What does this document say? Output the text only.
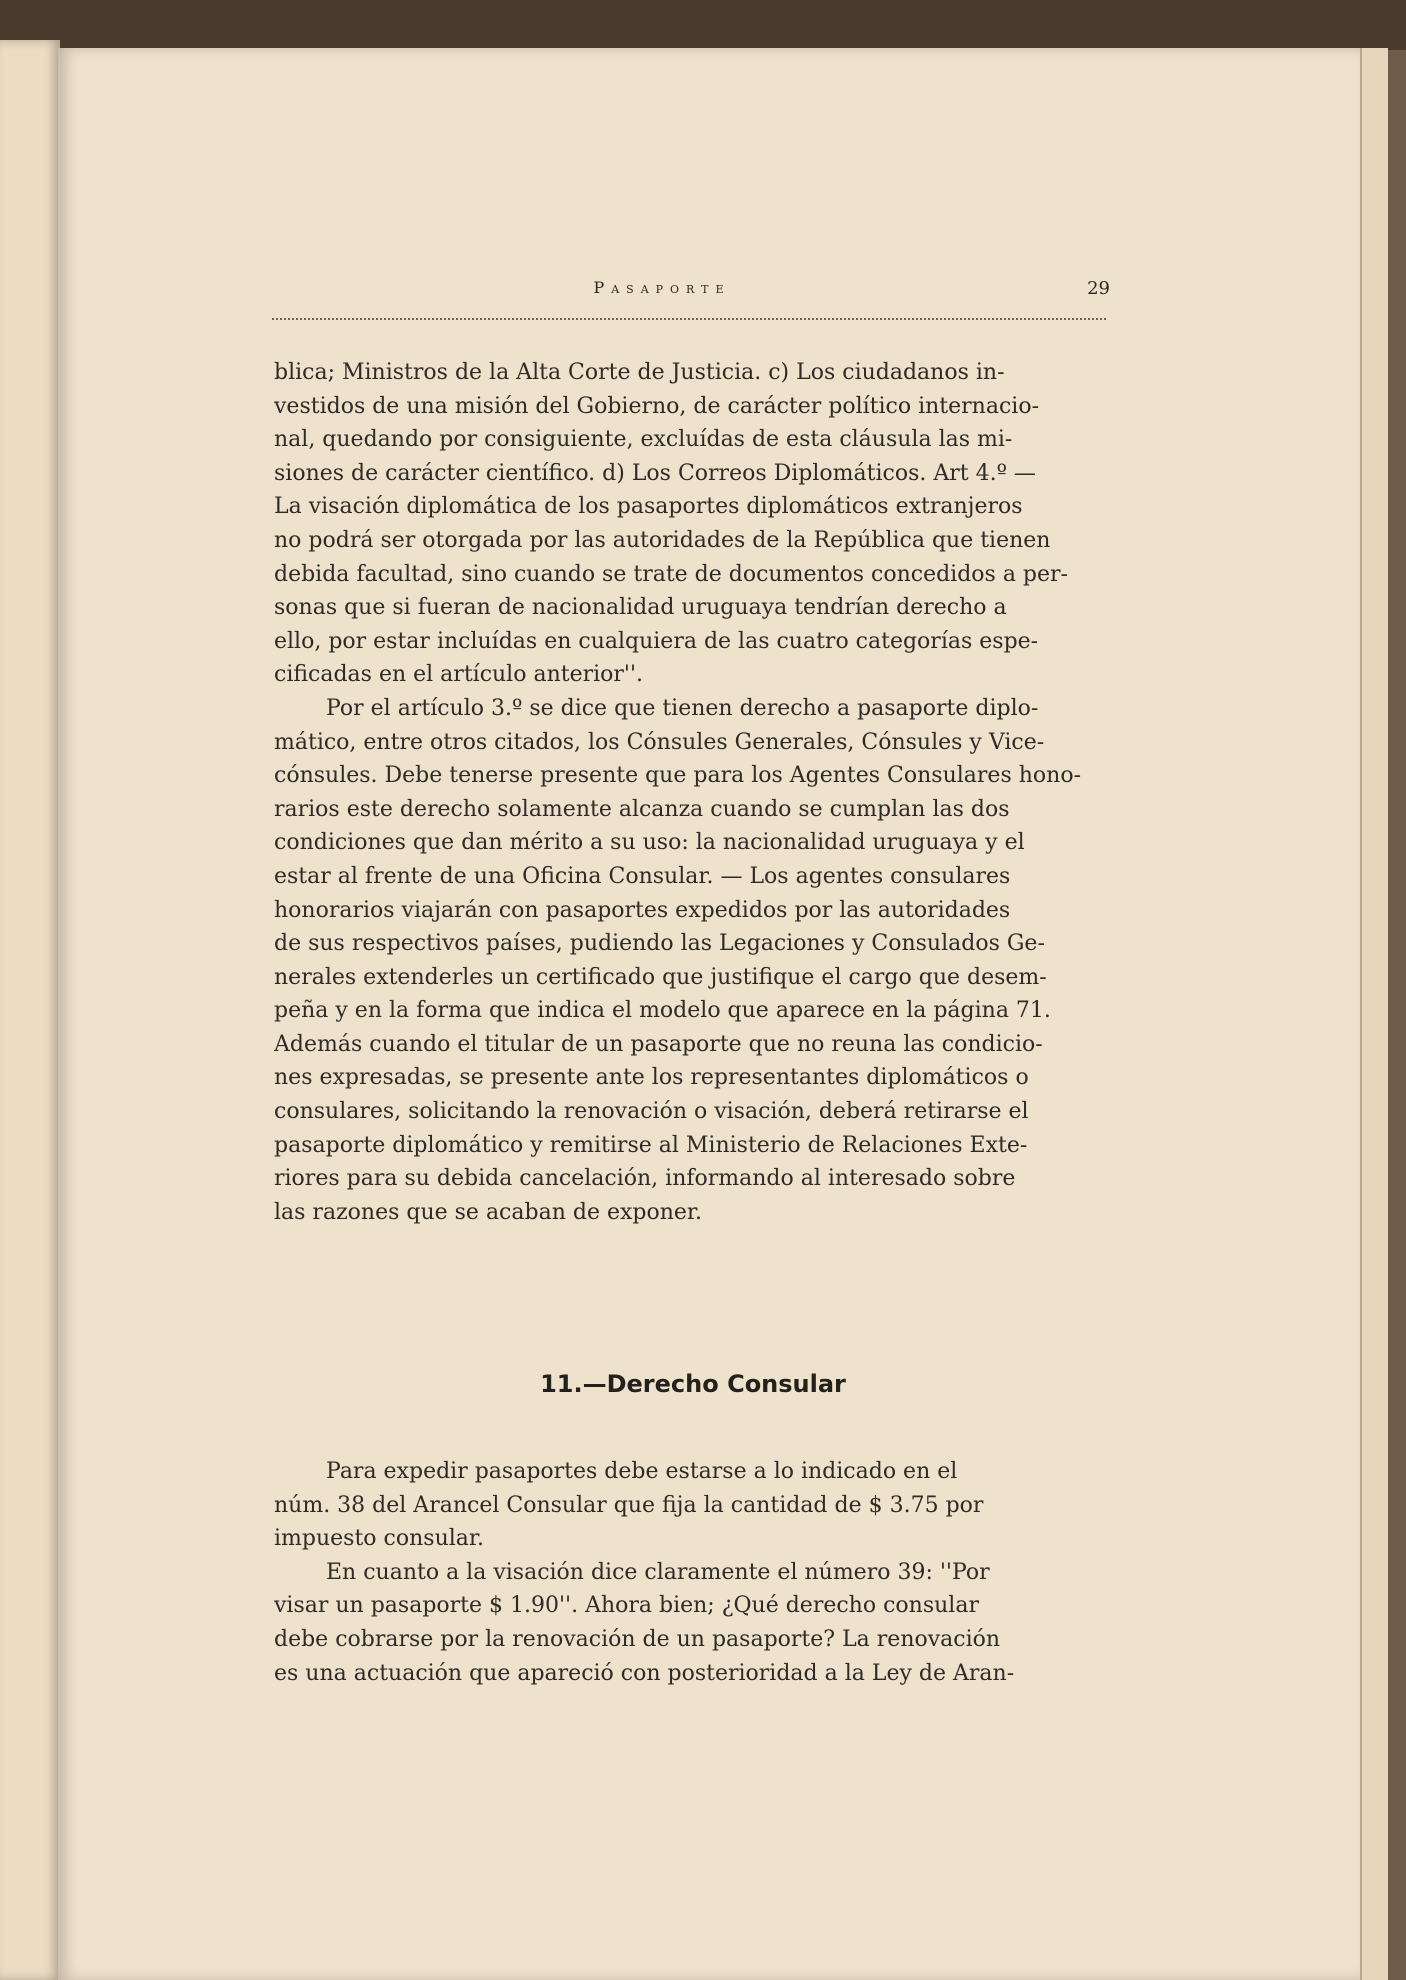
Pasaporte	29
blica; Ministros de la Alta Corte de Justicia. c) Los ciudadanos in-
vestidos de una misión del Gobierno, de carácter político internacio-
nal, quedando por consiguiente, excluídas de esta cláusula las mi-
siones de carácter científico. d) Los Correos Diplomáticos. Art 4.º —
La visación diplomática de los pasaportes diplomáticos extranjeros
no podrá ser otorgada por las autoridades de la República que tienen
debida facultad, sino cuando se trate de documentos concedidos a per-
sonas que si fueran de nacionalidad uruguaya tendrían derecho a
ello, por estar incluídas en cualquiera de las cuatro categorías espe-
cificadas en el artículo anterior''.
Por el artículo 3.º se dice que tienen derecho a pasaporte diplo-
mático, entre otros citados, los Cónsules Generales, Cónsules y Vice-
cónsules. Debe tenerse presente que para los Agentes Consulares hono-
rarios este derecho solamente alcanza cuando se cumplan las dos
condiciones que dan mérito a su uso: la nacionalidad uruguaya y el
estar al frente de una Oficina Consular. — Los agentes consulares
honorarios viajarán con pasaportes expedidos por las autoridades
de sus respectivos países, pudiendo las Legaciones y Consulados Ge-
nerales extenderles un certificado que justifique el cargo que desem-
peña y en la forma que indica el modelo que aparece en la página 71.
Además cuando el titular de un pasaporte que no reuna las condicio-
nes expresadas, se presente ante los representantes diplomáticos o
consulares, solicitando la renovación o visación, deberá retirarse el
pasaporte diplomático y remitirse al Ministerio de Relaciones Exte-
riores para su debida cancelación, informando al interesado sobre
las razones que se acaban de exponer.
11.—Derecho Consular
Para expedir pasaportes debe estarse a lo indicado en el
núm. 38 del Arancel Consular que fija la cantidad de $ 3.75 por
impuesto consular.
En cuanto a la visación dice claramente el número 39: ''Por
visar un pasaporte $ 1.90''. Ahora bien; ¿Qué derecho consular
debe cobrarse por la renovación de un pasaporte? La renovación
es una actuación que apareció con posterioridad a la Ley de Aran-
